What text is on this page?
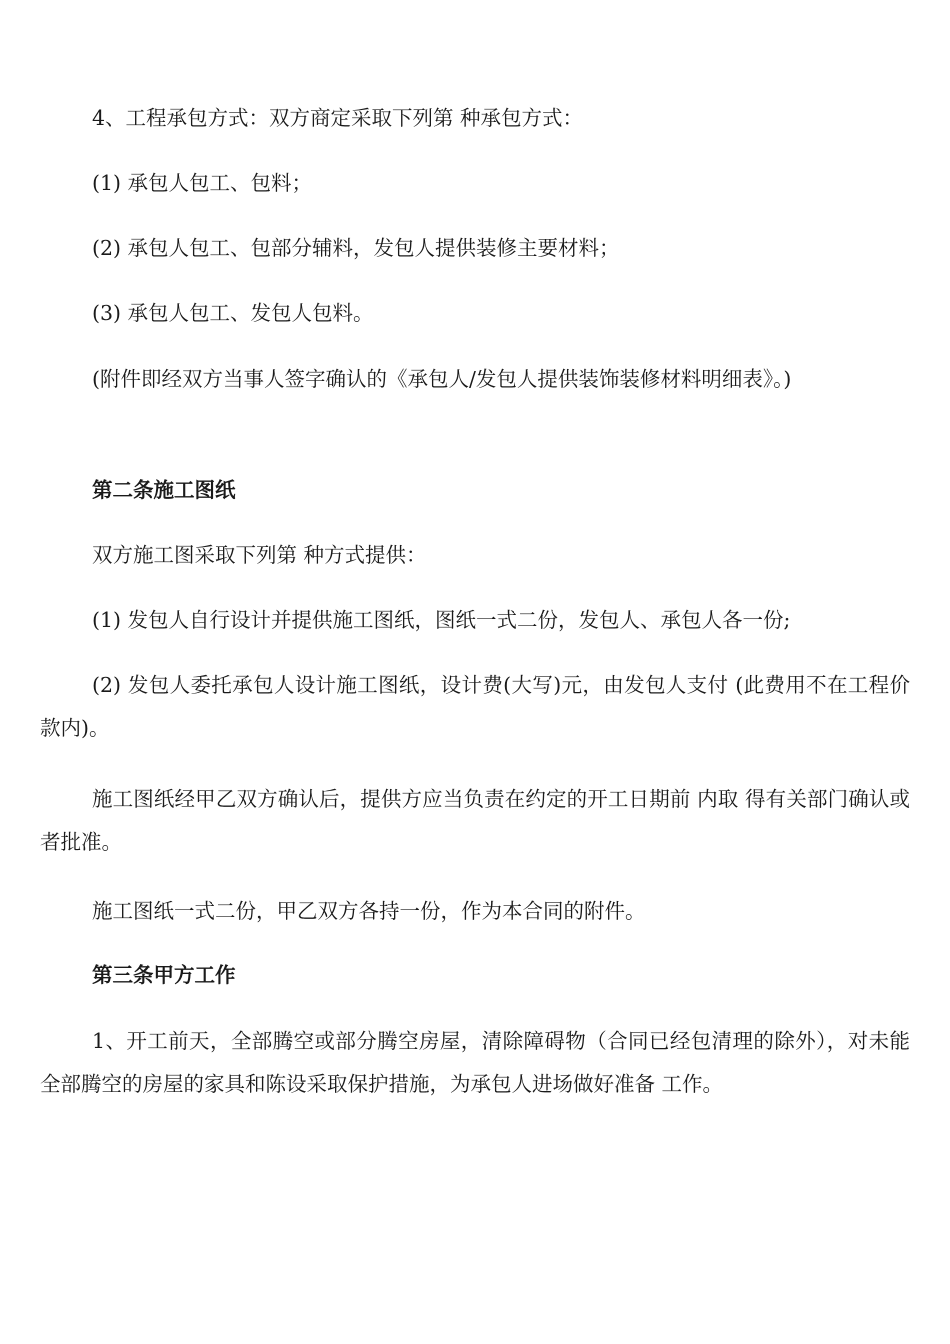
4、工程承包方式：双方商定采取下列第 种承包方式：

(1) 承包人包工、包料；

(2) 承包人包工、包部分辅料，发包人提供装修主要材料；

(3) 承包人包工、发包人包料。

(附件即经双方当事人签字确认的《承包人/发包人提供装饰装修材料明细表》。)

第二条施工图纸

双方施工图采取下列第 种方式提供：

(1) 发包人自行设计并提供施工图纸，图纸一式二份，发包人、承包人各一份;

(2) 发包人委托承包人设计施工图纸，设计费(大写)元，由发包人支付 (此费用不在工程价款内)。

施工图纸经甲乙双方确认后，提供方应当负责在约定的开工日期前 内取 得有关部门确认或者批准。

施工图纸一式二份，甲乙双方各持一份，作为本合同的附件。

第三条甲方工作

1、开工前天，全部腾空或部分腾空房屋，清除障碍物（合同已经包清理的除外），对未能全部腾空的房屋的家具和陈设采取保护措施，为承包人进场做好准备 工作。
